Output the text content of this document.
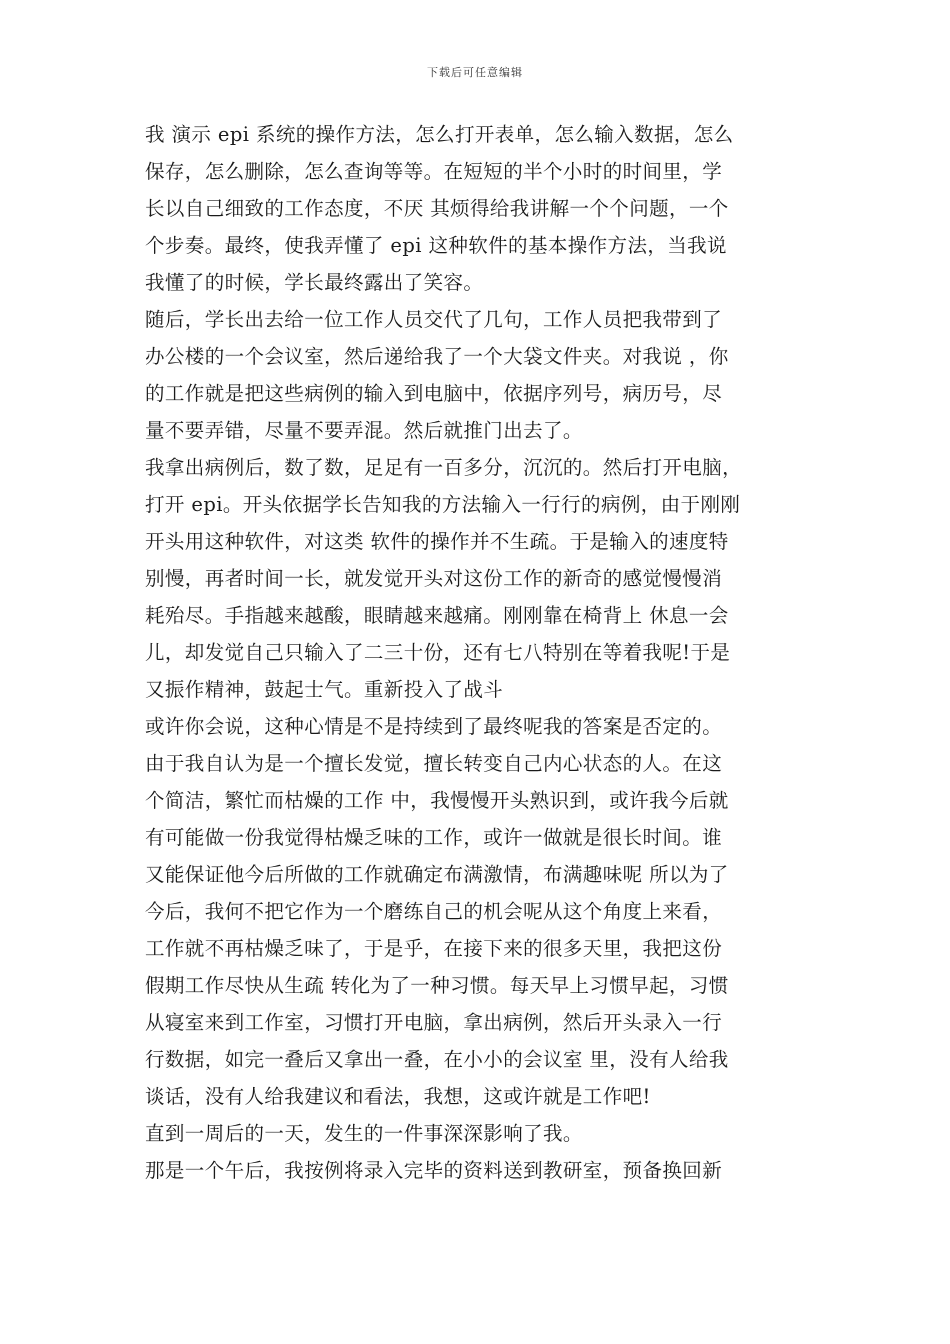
下载后可任意编辑
我 演示 epi 系统的操作方法，怎么打开表单，怎么输入数据，怎么
保存，怎么删除，怎么查询等等。在短短的半个小时的时间里，学
长以自己细致的工作态度，不厌 其烦得给我讲解一个个问题，一个
个步奏。最终，使我弄懂了 epi 这种软件的基本操作方法，当我说
我懂了的时候，学长最终露出了笑容。
随后，学长出去给一位工作人员交代了几句，工作人员把我带到了
办公楼的一个会议室，然后递给我了一个大袋文件夹。对我说 ，你
的工作就是把这些病例的输入到电脑中，依据序列号，病历号，尽
量不要弄错，尽量不要弄混。然后就推门出去了。
我拿出病例后，数了数，足足有一百多分，沉沉的。然后打开电脑，
打开 epi。开头依据学长告知我的方法输入一行行的病例，由于刚刚
开头用这种软件，对这类 软件的操作并不生疏。于是输入的速度特
别慢，再者时间一长，就发觉开头对这份工作的新奇的感觉慢慢消
耗殆尽。手指越来越酸，眼睛越来越痛。刚刚靠在椅背上 休息一会
儿，却发觉自己只输入了二三十份，还有七八特别在等着我呢!于是
又振作精神，鼓起士气。重新投入了战斗
或许你会说，这种心情是不是持续到了最终呢我的答案是否定的。
由于我自认为是一个擅长发觉，擅长转变自己内心状态的人。在这
个简洁，繁忙而枯燥的工作 中，我慢慢开头熟识到，或许我今后就
有可能做一份我觉得枯燥乏味的工作，或许一做就是很长时间。谁
又能保证他今后所做的工作就确定布满激情，布满趣味呢 所以为了
今后，我何不把它作为一个磨练自己的机会呢从这个角度上来看，
工作就不再枯燥乏味了，于是乎，在接下来的很多天里，我把这份
假期工作尽快从生疏 转化为了一种习惯。每天早上习惯早起，习惯
从寝室来到工作室，习惯打开电脑，拿出病例，然后开头录入一行
行数据，如完一叠后又拿出一叠，在小小的会议室 里，没有人给我
谈话，没有人给我建议和看法，我想，这或许就是工作吧!
直到一周后的一天，发生的一件事深深影响了我。
那是一个午后，我按例将录入完毕的资料送到教研室，预备换回新
